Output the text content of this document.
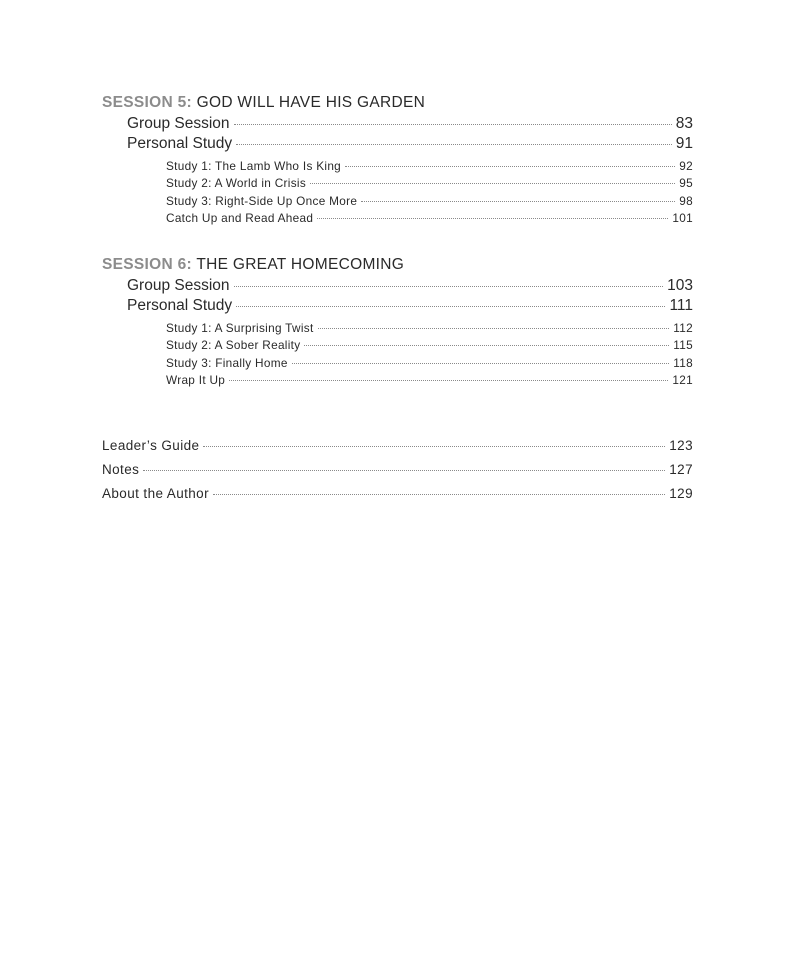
SESSION 5: GOD WILL HAVE HIS GARDEN
Group Session	83
Personal Study	91
Study 1: The Lamb Who Is King	92
Study 2: A World in Crisis	95
Study 3: Right-Side Up Once More	98
Catch Up and Read Ahead	101
SESSION 6: THE GREAT HOMECOMING
Group Session	103
Personal Study	111
Study 1: A Surprising Twist	112
Study 2: A Sober Reality	115
Study 3: Finally Home	118
Wrap It Up	121
Leader’s Guide	123
Notes	127
About the Author	129
